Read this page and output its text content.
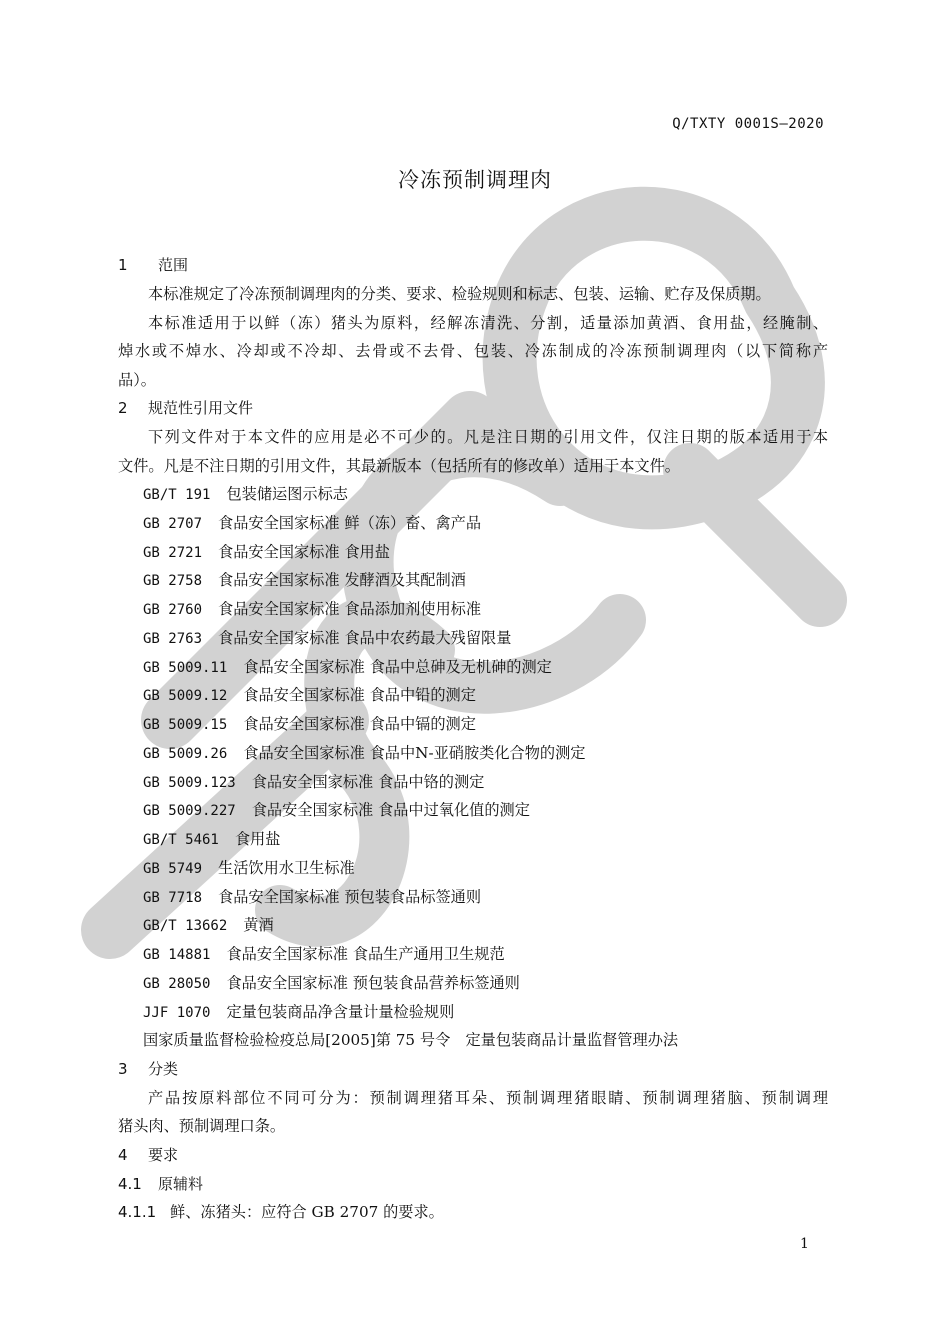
Q/TXTY 0001S—2020
冷冻预制调理肉
1 范围
本标准规定了冷冻预制调理肉的分类、要求、检验规则和标志、包装、运输、贮存及保质期。
本标准适用于以鲜（冻）猪头为原料，经解冻清洗、分割，适量添加黄酒、食用盐，经腌制、
焯水或不焯水、冷却或不冷却、去骨或不去骨、包装、冷冻制成的冷冻预制调理肉（以下简称产
品）。
2 规范性引用文件
下列文件对于本文件的应用是必不可少的。凡是注日期的引用文件，仅注日期的版本适用于本
文件。凡是不注日期的引用文件，其最新版本（包括所有的修改单）适用于本文件。
GB/T 191 包装储运图示标志
GB 2707 食品安全国家标准 鲜（冻）畜、禽产品
GB 2721 食品安全国家标准 食用盐
GB 2758 食品安全国家标准 发酵酒及其配制酒
GB 2760 食品安全国家标准 食品添加剂使用标准
GB 2763 食品安全国家标准 食品中农药最大残留限量
GB 5009.11 食品安全国家标准 食品中总砷及无机砷的测定
GB 5009.12 食品安全国家标准 食品中铅的测定
GB 5009.15 食品安全国家标准 食品中镉的测定
GB 5009.26 食品安全国家标准 食品中N-亚硝胺类化合物的测定
GB 5009.123 食品安全国家标准 食品中铬的测定
GB 5009.227 食品安全国家标准 食品中过氧化值的测定
GB/T 5461 食用盐
GB 5749 生活饮用水卫生标准
GB 7718 食品安全国家标准 预包装食品标签通则
GB/T 13662 黄酒
GB 14881 食品安全国家标准 食品生产通用卫生规范
GB 28050 食品安全国家标准 预包装食品营养标签通则
JJF 1070 定量包装商品净含量计量检验规则
国家质量监督检验检疫总局[2005]第 75 号令　定量包装商品计量监督管理办法
3 分类
产品按原料部位不同可分为：预制调理猪耳朵、预制调理猪眼睛、预制调理猪脑、预制调理
猪头肉、预制调理口条。
4 要求
4.1 原辅料
4.1.1 鲜、冻猪头：应符合 GB 2707 的要求。
1
